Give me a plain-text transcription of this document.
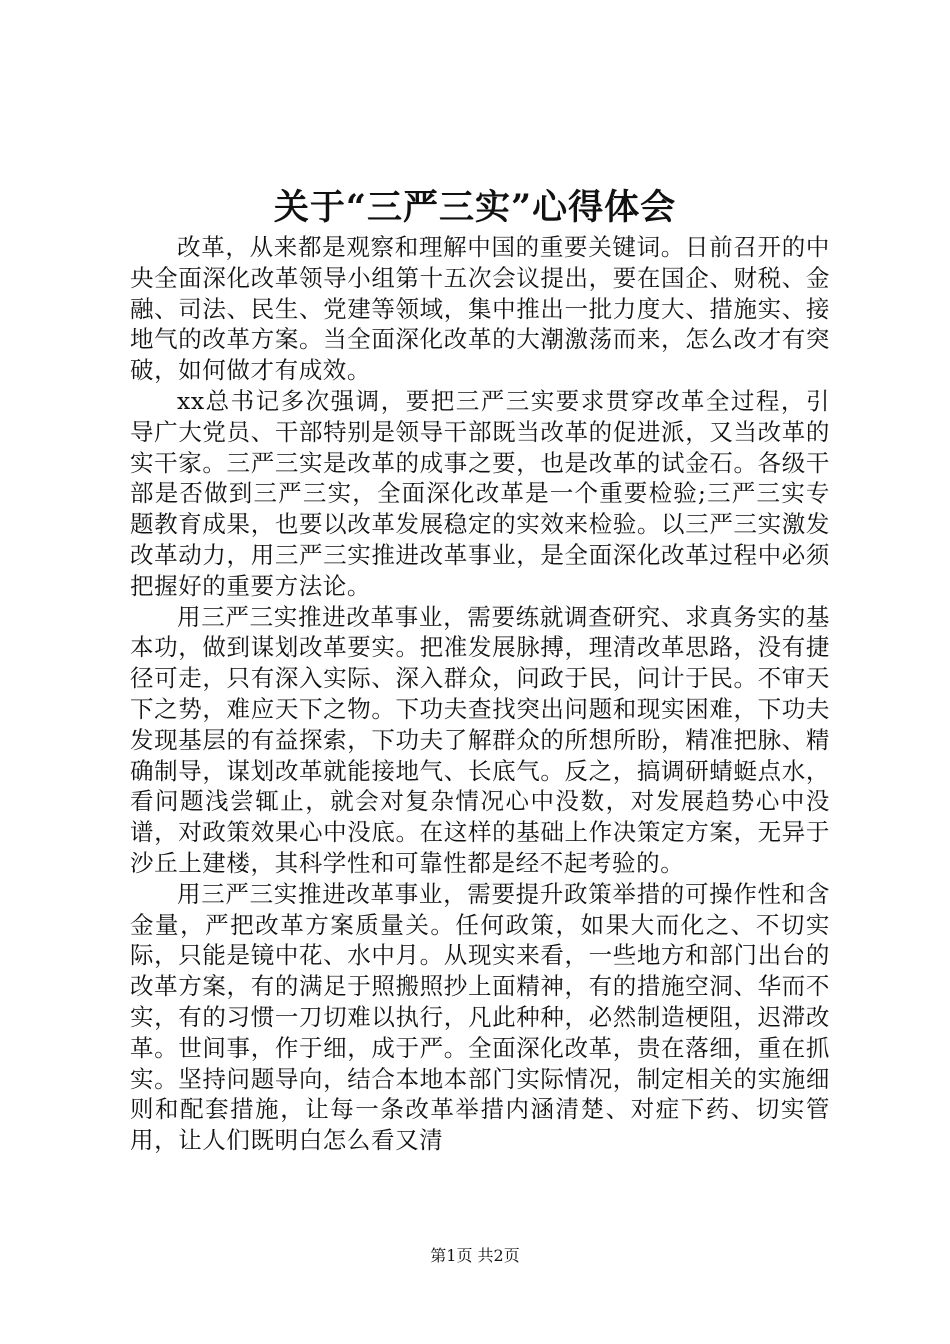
关于“三严三实”心得体会

改革，从来都是观察和理解中国的重要关键词。日前召开的中央全面深化改革领导小组第十五次会议提出，要在国企、财税、金融、司法、民生、党建等领域，集中推出一批力度大、措施实、接地气的改革方案。当全面深化改革的大潮激荡而来，怎么改才有突破，如何做才有成效。

xx总书记多次强调，要把三严三实要求贯穿改革全过程，引导广大党员、干部特别是领导干部既当改革的促进派，又当改革的实干家。三严三实是改革的成事之要，也是改革的试金石。各级干部是否做到三严三实，全面深化改革是一个重要检验;三严三实专题教育成果，也要以改革发展稳定的实效来检验。以三严三实激发改革动力，用三严三实推进改革事业，是全面深化改革过程中必须把握好的重要方法论。

用三严三实推进改革事业，需要练就调查研究、求真务实的基本功，做到谋划改革要实。把准发展脉搏，理清改革思路，没有捷径可走，只有深入实际、深入群众，问政于民，问计于民。不审天下之势，难应天下之物。下功夫查找突出问题和现实困难，下功夫发现基层的有益探索，下功夫了解群众的所想所盼，精准把脉、精确制导，谋划改革就能接地气、长底气。反之，搞调研蜻蜓点水，看问题浅尝辄止，就会对复杂情况心中没数，对发展趋势心中没谱，对政策效果心中没底。在这样的基础上作决策定方案，无异于沙丘上建楼，其科学性和可靠性都是经不起考验的。

用三严三实推进改革事业，需要提升政策举措的可操作性和含金量，严把改革方案质量关。任何政策，如果大而化之、不切实际，只能是镜中花、水中月。从现实来看，一些地方和部门出台的改革方案，有的满足于照搬照抄上面精神，有的措施空洞、华而不实，有的习惯一刀切难以执行，凡此种种，必然制造梗阻，迟滞改革。世间事，作于细，成于严。全面深化改革，贵在落细，重在抓实。坚持问题导向，结合本地本部门实际情况，制定相关的实施细则和配套措施，让每一条改革举措内涵清楚、对症下药、切实管用，让人们既明白怎么看又清

第1页 共2页
